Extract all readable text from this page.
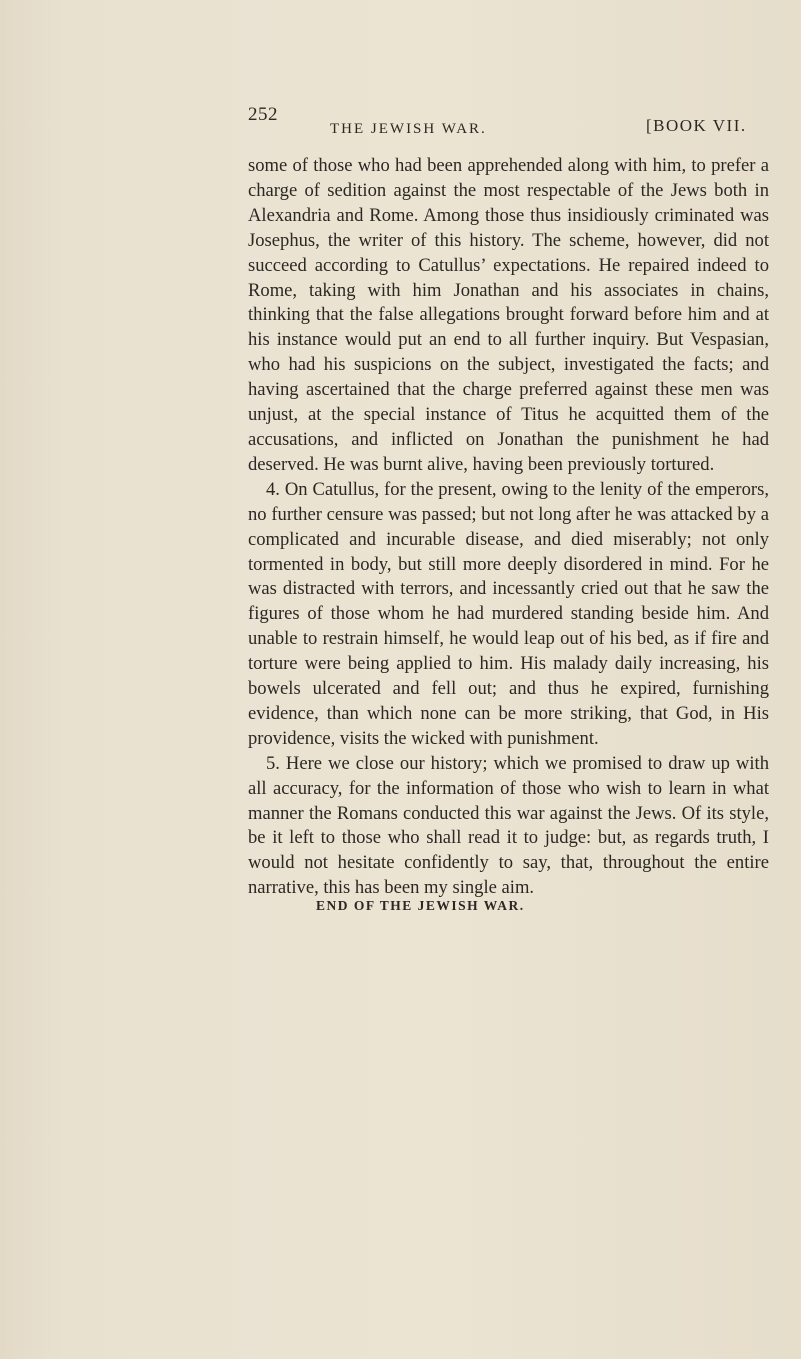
252
THE JEWISH WAR.	[BOOK VII.

some of those who had been apprehended along with him, to prefer a charge of sedition against the most respectable of the Jews both in Alexandria and Rome. Among those thus insidiously criminated was Josephus, the writer of this history. The scheme, however, did not succeed according to Catullus’ expectations. He repaired indeed to Rome, taking with him Jonathan and his associates in chains, thinking that the false allegations brought forward before him and at his instance would put an end to all further inquiry. But Vespasian, who had his suspicions on the subject, investigated the facts; and having ascertained that the charge preferred against these men was unjust, at the special instance of Titus he acquitted them of the accusations, and inflicted on Jonathan the punishment he had deserved. He was burnt alive, having been previously tortured.

4. On Catullus, for the present, owing to the lenity of the emperors, no further censure was passed; but not long after he was attacked by a complicated and incurable disease, and died miserably; not only tormented in body, but still more deeply disordered in mind. For he was distracted with terrors, and incessantly cried out that he saw the figures of those whom he had murdered standing beside him. And unable to restrain himself, he would leap out of his bed, as if fire and torture were being applied to him. His malady daily increasing, his bowels ulcerated and fell out; and thus he expired, furnishing evidence, than which none can be more striking, that God, in His providence, visits the wicked with punishment.

5. Here we close our history; which we promised to draw up with all accuracy, for the information of those who wish to learn in what manner the Romans conducted this war against the Jews. Of its style, be it left to those who shall read it to judge: but, as regards truth, I would not hesitate confidently to say, that, throughout the entire narrative, this has been my single aim.

END OF THE JEWISH WAR.
